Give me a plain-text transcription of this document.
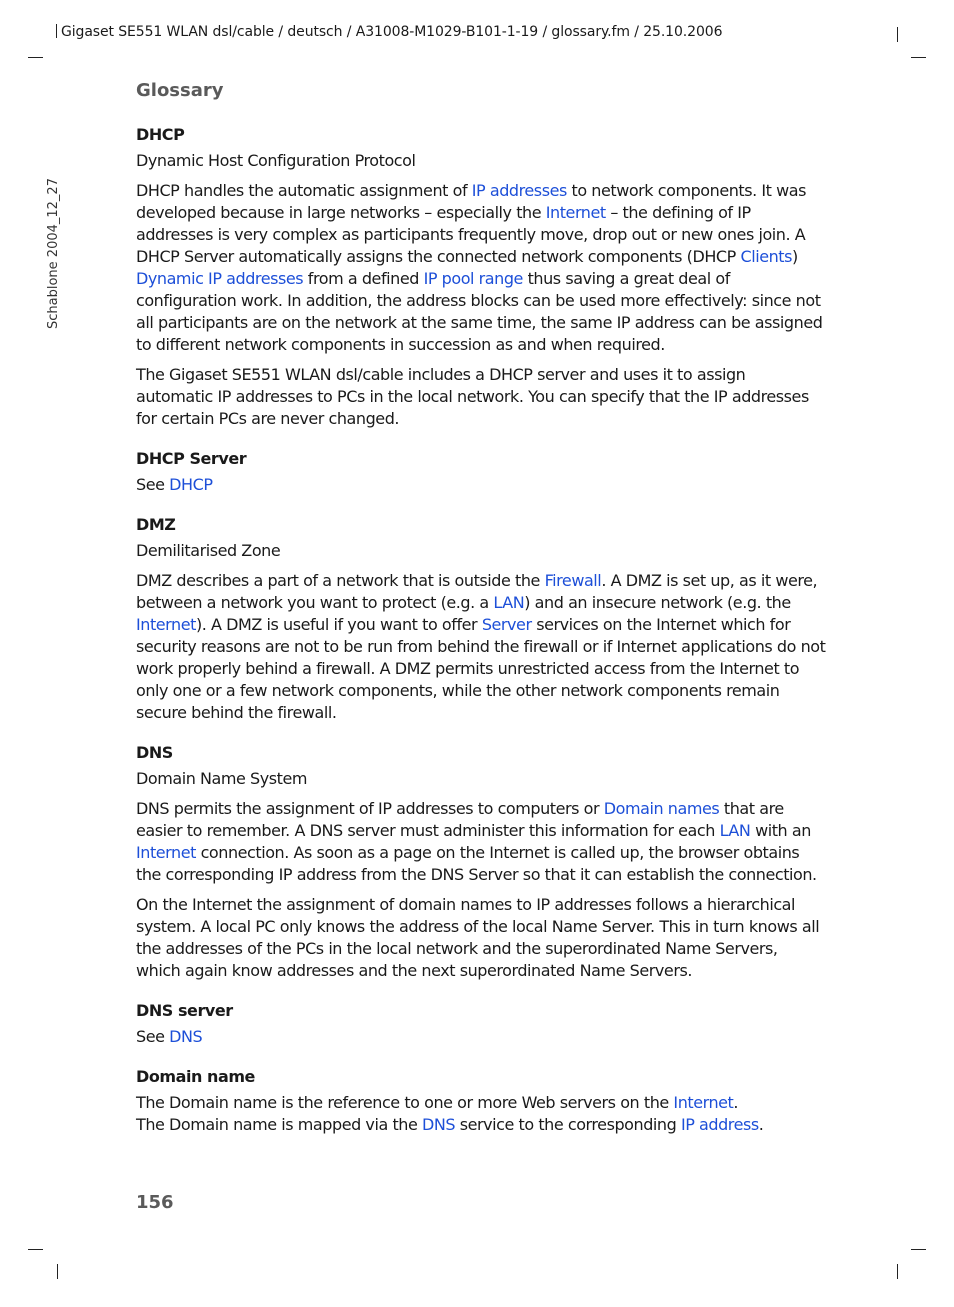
Gigaset SE551 WLAN dsl/cable / deutsch / A31008-M1029-B101-1-19 / glossary.fm / 25.10.2006
Schablone 2004_12_27
Glossary

DHCP

Dynamic Host Configuration Protocol

DHCP handles the automatic assignment of IP addresses to network components. It was developed because in large networks – especially the Internet – the defining of IP addresses is very complex as participants frequently move, drop out or new ones join. A DHCP Server automatically assigns the connected network components (DHCP Clients) Dynamic IP addresses from a defined IP pool range thus saving a great deal of configuration work. In addition, the address blocks can be used more effectively: since not all participants are on the network at the same time, the same IP address can be assigned to different network components in succession as and when required.

The Gigaset SE551 WLAN dsl/cable includes a DHCP server and uses it to assign automatic IP addresses to PCs in the local network. You can specify that the IP addresses for certain PCs are never changed.

DHCP Server

See DHCP

DMZ

Demilitarised Zone

DMZ describes a part of a network that is outside the Firewall. A DMZ is set up, as it were, between a network you want to protect (e.g. a LAN) and an insecure network (e.g. the Internet). A DMZ is useful if you want to offer Server services on the Internet which for security reasons are not to be run from behind the firewall or if Internet applications do not work properly behind a firewall. A DMZ permits unrestricted access from the Internet to only one or a few network components, while the other network components remain secure behind the firewall.

DNS

Domain Name System

DNS permits the assignment of IP addresses to computers or Domain names that are easier to remember. A DNS server must administer this information for each LAN with an Internet connection. As soon as a page on the Internet is called up, the browser obtains the corresponding IP address from the DNS Server so that it can establish the connection.

On the Internet the assignment of domain names to IP addresses follows a hierarchical system. A local PC only knows the address of the local Name Server. This in turn knows all the addresses of the PCs in the local network and the superordinated Name Servers, which again know addresses and the next superordinated Name Servers.

DNS server

See DNS

Domain name

The Domain name is the reference to one or more Web servers on the Internet.
The Domain name is mapped via the DNS service to the corresponding IP address.

156
